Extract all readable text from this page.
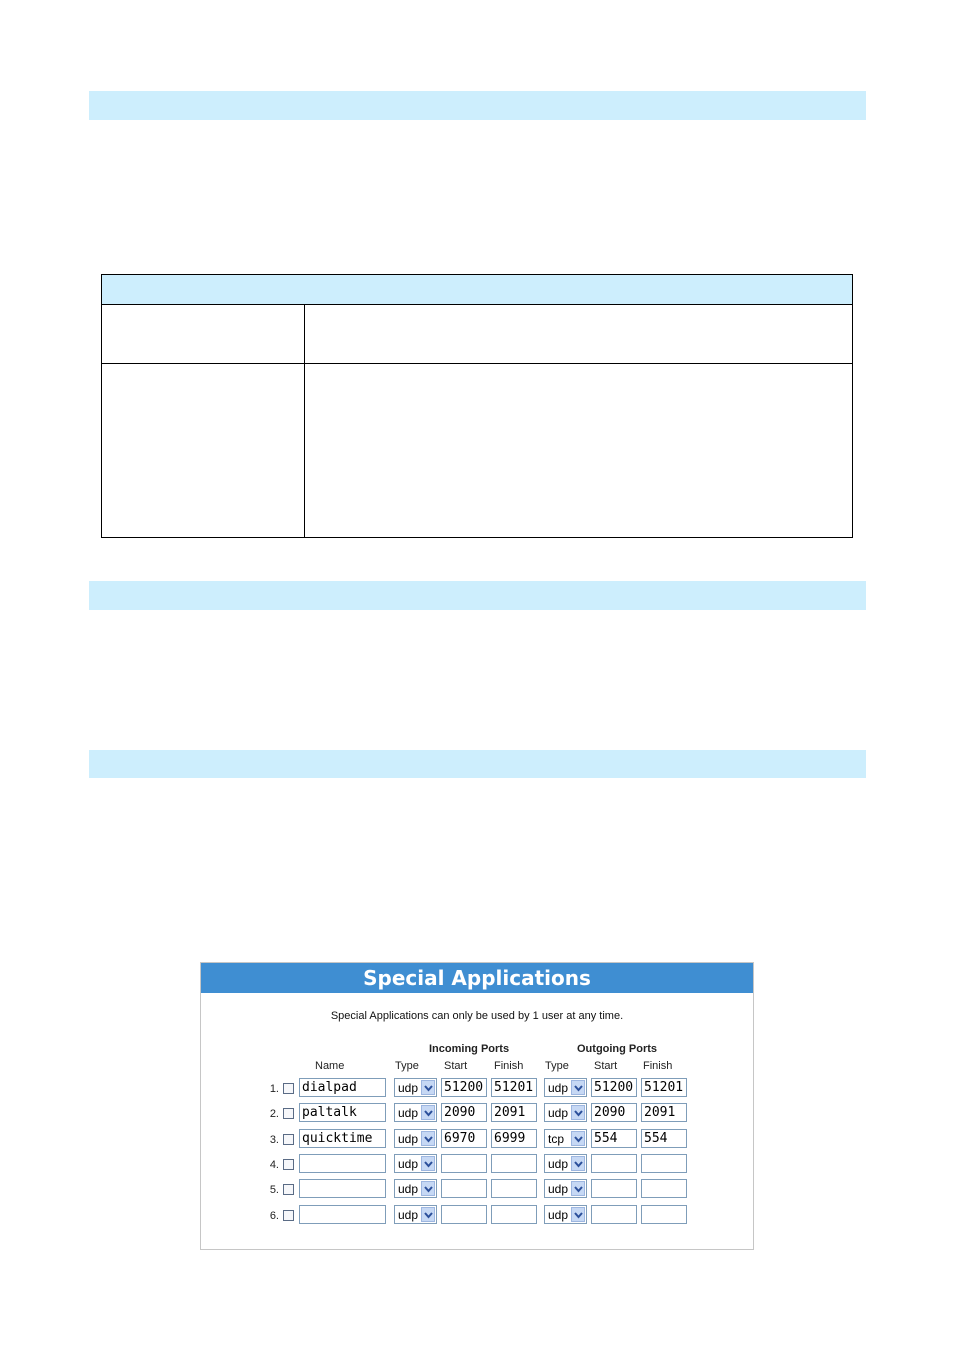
Special Applications
Special Applications can only be used by 1 user at any time.
Incoming Ports	Outgoing Ports
Name	Type Start Finish Type Start Finish
1. dialpad	udp 51200 51201	udp 51200 51201
2. paltalk	udp 2090	2091	udp 2090	2091
3. quicktime	udp 6970	6999	tcp 554	554
4.	udp	udp
5.	udp	udp
6.	udp	udp
